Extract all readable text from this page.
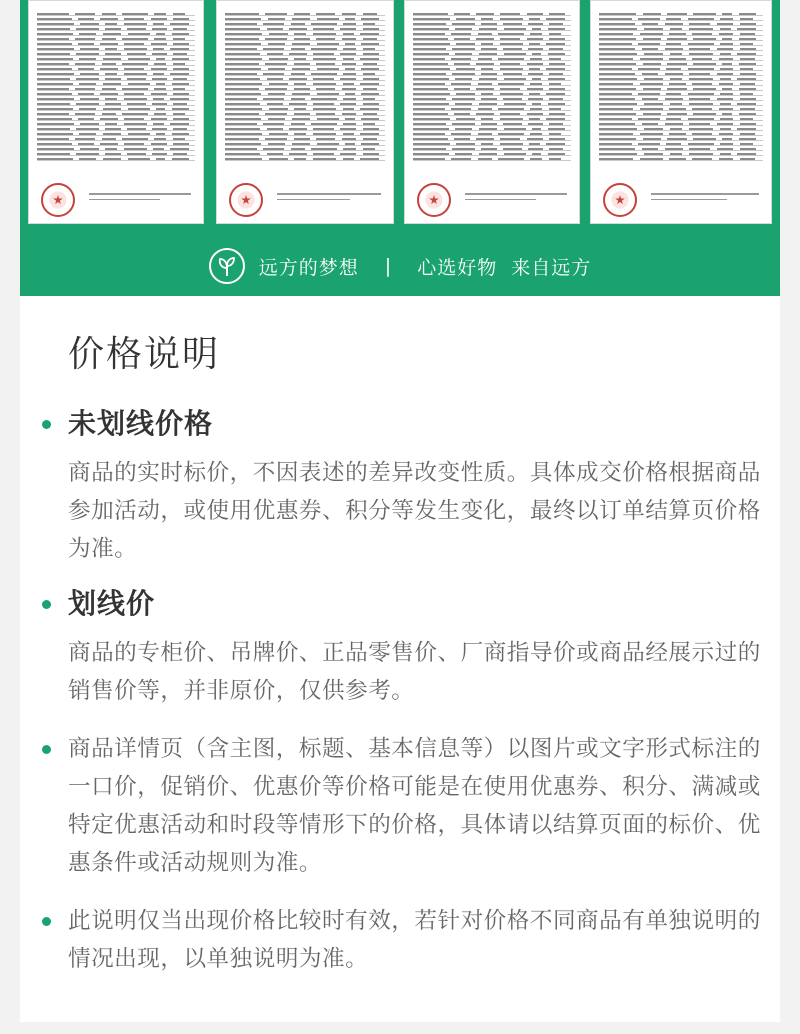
远方的梦想 | 心选好物 来自远方
价格说明
未划线价格
商品的实时标价，不因表述的差异改变性质。具体成交价格根据商品参加活动，或使用优惠券、积分等发生变化，最终以订单结算页价格为准。
划线价
商品的专柜价、吊牌价、正品零售价、厂商指导价或商品经展示过的销售价等，并非原价，仅供参考。
商品详情页（含主图，标题、基本信息等）以图片或文字形式标注的一口价，促销价、优惠价等价格可能是在使用优惠券、积分、满减或特定优惠活动和时段等情形下的价格，具体请以结算页面的标价、优惠条件或活动规则为准。
此说明仅当出现价格比较时有效，若针对价格不同商品有单独说明的情况出现，以单独说明为准。
